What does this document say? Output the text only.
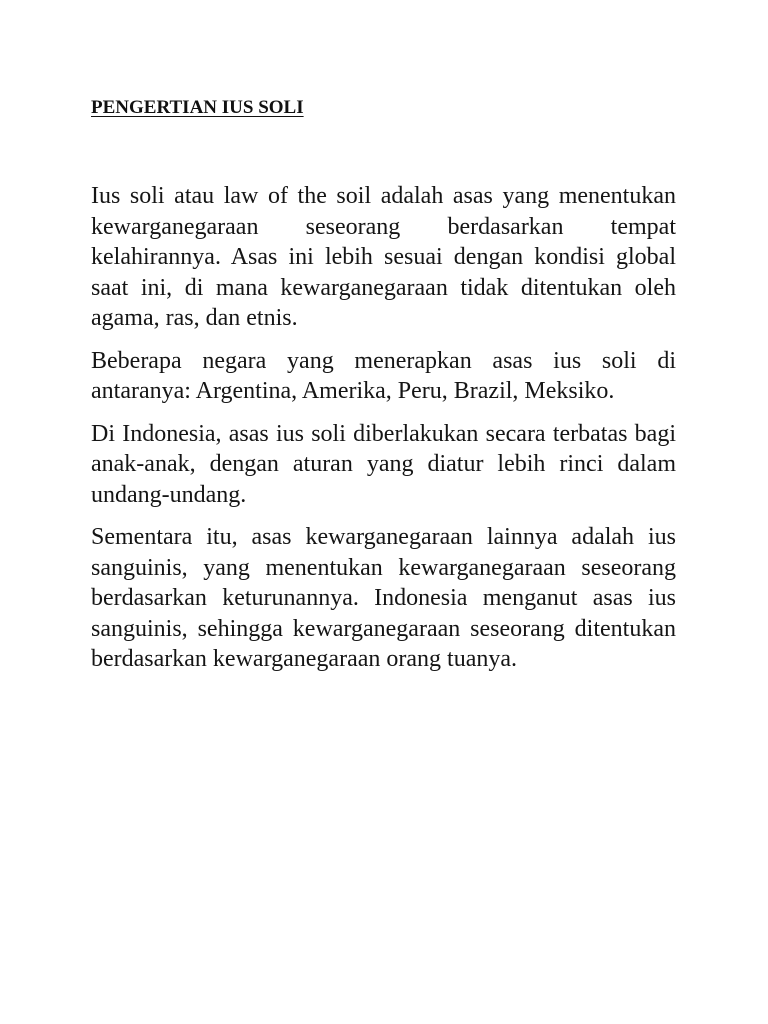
PENGERTIAN IUS SOLI

Ius soli atau law of the soil adalah asas yang menentukan kewarganegaraan seseorang berdasarkan tempat kelahirannya. Asas ini lebih sesuai dengan kondisi global saat ini, di mana kewarganegaraan tidak ditentukan oleh agama, ras, dan etnis.

Beberapa negara yang menerapkan asas ius soli di antaranya: Argentina, Amerika, Peru, Brazil, Meksiko.

Di Indonesia, asas ius soli diberlakukan secara terbatas bagi anak-anak, dengan aturan yang diatur lebih rinci dalam undang-undang.

Sementara itu, asas kewarganegaraan lainnya adalah ius sanguinis, yang menentukan kewarganegaraan seseorang berdasarkan keturunannya. Indonesia menganut asas ius sanguinis, sehingga kewarganegaraan seseorang ditentukan berdasarkan kewarganegaraan orang tuanya.
